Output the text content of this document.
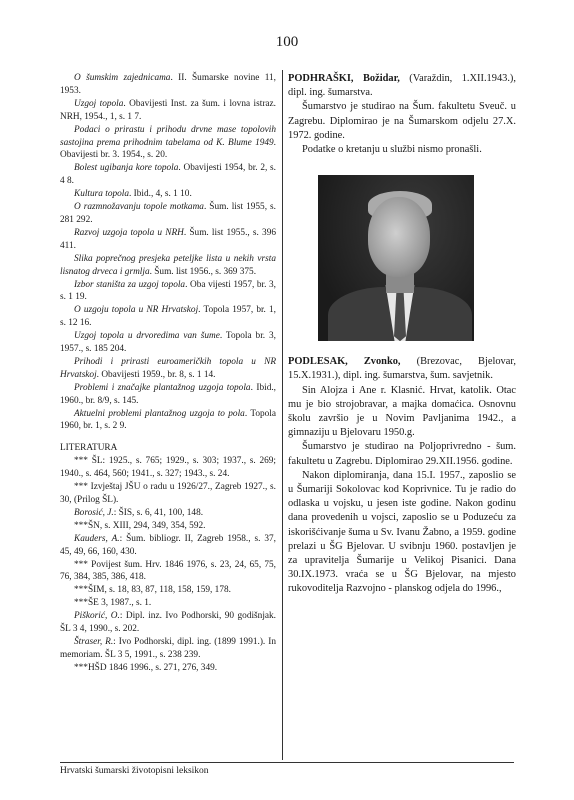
100

O šumskim zajednicama. II. Šumarske novine 11, 1953.

Uzgoj topola. Obavijesti Inst. za šum. i lovna istraz. NRH, 1954., 1, s. 1 7.

Podaci o prirastu i prihodu drvne mase topolovih sastojina prema prihodnim tabelama od K. Blume 1949. Obavijesti br. 3. 1954., s. 20.

Bolest ugibanja kore topola. Obavijesti 1954, br. 2, s. 4 8.

Kultura topola. Ibid., 4, s. 1 10.

O razmnožavanju topole motkama. Šum. list 1955, s. 281 292.

Razvoj uzgoja topola u NRH. Šum. list 1955., s. 396 411.

Slika poprečnog presjeka peteljke lista u nekih vrsta lisnatog drveca i grmlja. Šum. list 1956., s. 369 375.

Izbor staništa za uzgoj topola. Oba vijesti 1957, br. 3, s. 1 19.

O uzgoju topola u NR Hrvatskoj. Topola 1957, br. 1, s. 12 16.

Uzgoj topola u drvoredima van šume. Topola br. 3, 1957., s. 185 204.

Prihodi i prirasti euroameričkih topola u NR Hrvatskoj. Obavijesti 1959., br. 8, s. 1 14.

Problemi i značajke plantažnog uzgoja topola. Ibid., 1960., br. 8/9, s. 145.

Aktuelni problemi plantažnog uzgoja to pola. Topola 1960, br. 1, s. 2 9.

LITERATURA

*** ŠL: 1925., s. 765; 1929., s. 303; 1937., s. 269; 1940., s. 464, 560; 1941., s. 327; 1943., s. 24.

*** Izvještaj JŠU o radu u 1926/27., Zagreb 1927., s. 30, (Prilog ŠL).

Borosić, J.: ŠIS, s. 6, 41, 100, 148.

***ŠN, s. XIII, 294, 349, 354, 592.

Kauders, A.: Šum. bibliogr. II, Zagreb 1958., s. 37, 45, 49, 66, 160, 430.

*** Povijest šum. Hrv. 1846 1976, s. 23, 24, 65, 75, 76, 384, 385, 386, 418.

***ŠIM, s. 18, 83, 87, 118, 158, 159, 178.

***ŠE 3, 1987., s. 1.

Piškorić, O.: Dipl. inz. Ivo Podhorski, 90 godišnjak. ŠL 3 4, 1990., s. 202.

Štraser, R.: Ivo Podhorski, dipl. ing. (1899 1991.). In memoriam. ŠL 3 5, 1991., s. 238 239.

***HŠD 1846 1996., s. 271, 276, 349.

PODHRAŠKI, Božidar, (Varaždin, 1.XII.1943.), dipl. ing. šumarstva.

Šumarstvo je studirao na Šum. fakultetu Sveuč. u Zagrebu. Diplomirao je na Šumarskom odjelu 27.X. 1972. godine.

Podatke o kretanju u službi nismo pronašli.

PODLESAK, Zvonko, (Brezovac, Bjelovar, 15.X.1931.), dipl. ing. šumarstva, šum. savjetnik.

Sin Alojza i Ane r. Klasnić. Hrvat, katolik. Otac mu je bio strojobravar, a majka domaćica. Osnovnu školu završio je u Novim Pavljanima 1942., a gimnaziju u Bjelovaru 1950.g.

Šumarstvo je studirao na Poljoprivredno - šum. fakultetu u Zagrebu. Diplomirao 29.XII.1956. godine.

Nakon diplomiranja, dana 15.I. 1957., zaposlio se u Šumariji Sokolovac kod Koprivnice. Tu je radio do odlaska u vojsku, u jesen iste godine. Nakon godinu dana provedenih u vojsci, zaposlio se u Poduzeću za iskorišćivanje šuma u Sv. Ivanu Žabno, a 1959. godine prelazi u ŠG Bjelovar. U svibnju 1960. postavljen je za upravitelja Šumarije u Velikoj Pisanici. Dana 30.IX.1973. vraća se u ŠG Bjelovar, na mjesto rukovoditelja Razvojno - planskog odjela do 1996.,

Hrvatski šumarski životopisni leksikon
